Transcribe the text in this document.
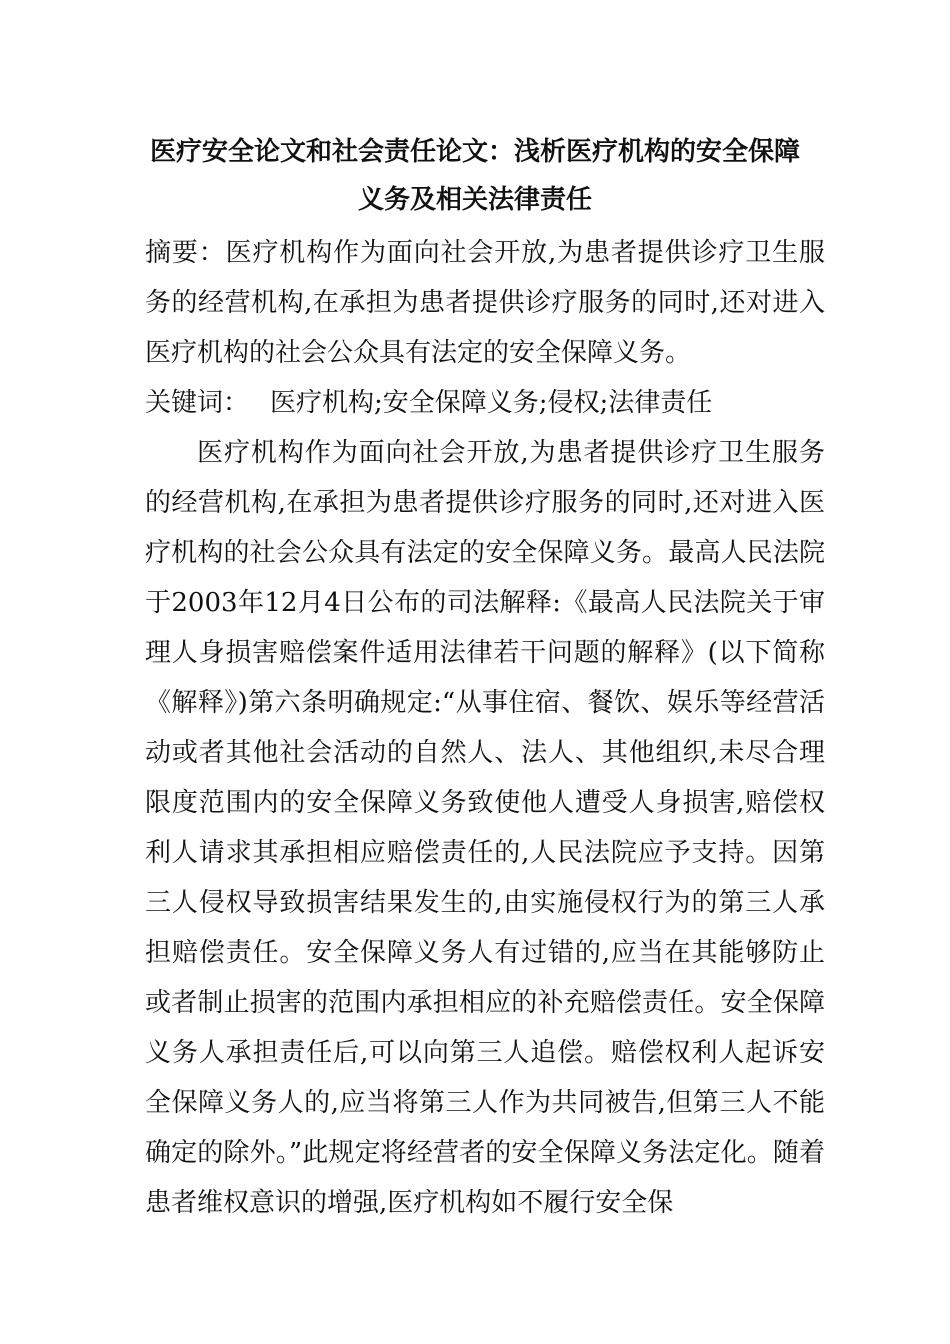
医疗安全论文和社会责任论文：浅析医疗机构的安全保障
义务及相关法律责任
摘要：医疗机构作为面向社会开放,为患者提供诊疗卫生服务的经营机构,在承担为患者提供诊疗服务的同时,还对进入医疗机构的社会公众具有法定的安全保障义务。
关键词： 医疗机构;安全保障义务;侵权;法律责任
医疗机构作为面向社会开放,为患者提供诊疗卫生服务的经营机构,在承担为患者提供诊疗服务的同时,还对进入医疗机构的社会公众具有法定的安全保障义务。最高人民法院于2003年12月4日公布的司法解释:《最高人民法院关于审理人身损害赔偿案件适用法律若干问题的解释》(以下简称《解释》)第六条明确规定:“从事住宿、餐饮、娱乐等经营活动或者其他社会活动的自然人、法人、其他组织,未尽合理限度范围内的安全保障义务致使他人遭受人身损害,赔偿权利人请求其承担相应赔偿责任的,人民法院应予支持。因第三人侵权导致损害结果发生的,由实施侵权行为的第三人承担赔偿责任。安全保障义务人有过错的,应当在其能够防止或者制止损害的范围内承担相应的补充赔偿责任。安全保障义务人承担责任后,可以向第三人追偿。赔偿权利人起诉安全保障义务人的,应当将第三人作为共同被告,但第三人不能确定的除外。”此规定将经营者的安全保障义务法定化。随着患者维权意识的增强,医疗机构如不履行安全保
